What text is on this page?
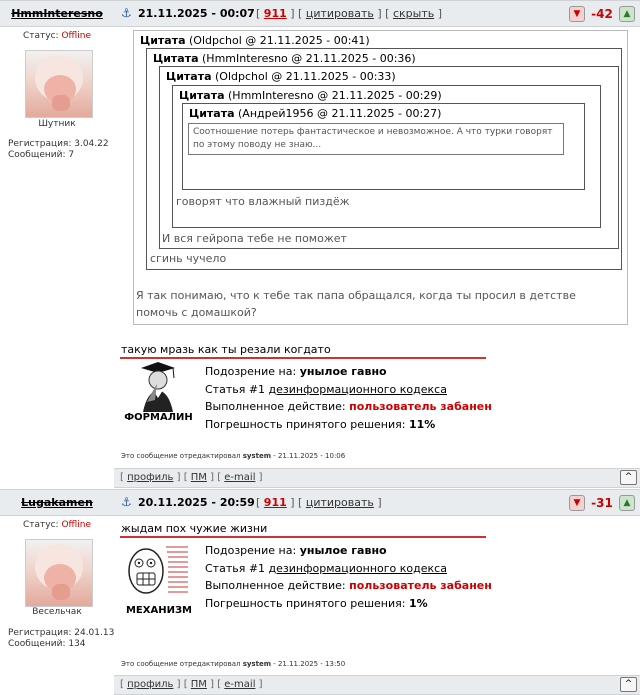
HmmInteresno	⚓ 21.11.2025 - 00:07 [ 911 ] [ цитировать ] [ скрыть ]	▼ -42	▲
Статус: Offline
Шутник
Регистрация: 3.04.22
Сообщений: 7
Цитата (Oldpchol @ 21.11.2025 - 00:41)
Цитата (HmmInteresno @ 21.11.2025 - 00:36)
Цитата (Oldpchol @ 21.11.2025 - 00:33)
Цитата (HmmInteresno @ 21.11.2025 - 00:29)
Цитата (Андрей1956 @ 21.11.2025 - 00:27)
Соотношение потерь фантастическое и невозможное. А что турки говорят по этому поводу не знаю...
говорят что влажный пиздёж
И вся гейропа тебе не поможет
сгинь чучело
Я так понимаю, что к тебе так папа обращался, когда ты просил в детстве помочь с домашкой?
такую мразь как ты резали когдато
ФОРМАЛИН
Подозрение на: унылое гавно
Статья #1 дезинформационного кодекса
Выполненное действие: пользователь забанен
Погрешность принятого решения: 11%
Это сообщение отредактировал system - 21.11.2025 - 10:06
[ профиль ] [ ПМ ] [ e-mail ]	^
Lugakamen	⚓ 20.11.2025 - 20:59 [ 911 ] [ цитировать ]	▼ -31	▲
Статус: Offline
Весельчак
Регистрация: 24.01.13
Сообщений: 134
жыдам пох чужие жизни
МЕХАНИЗМ
Подозрение на: унылое гавно
Статья #1 дезинформационного кодекса
Выполненное действие: пользователь забанен
Погрешность принятого решения: 1%
Это сообщение отредактировал system - 21.11.2025 - 13:50
[ профиль ] [ ПМ ] [ e-mail ]	^
